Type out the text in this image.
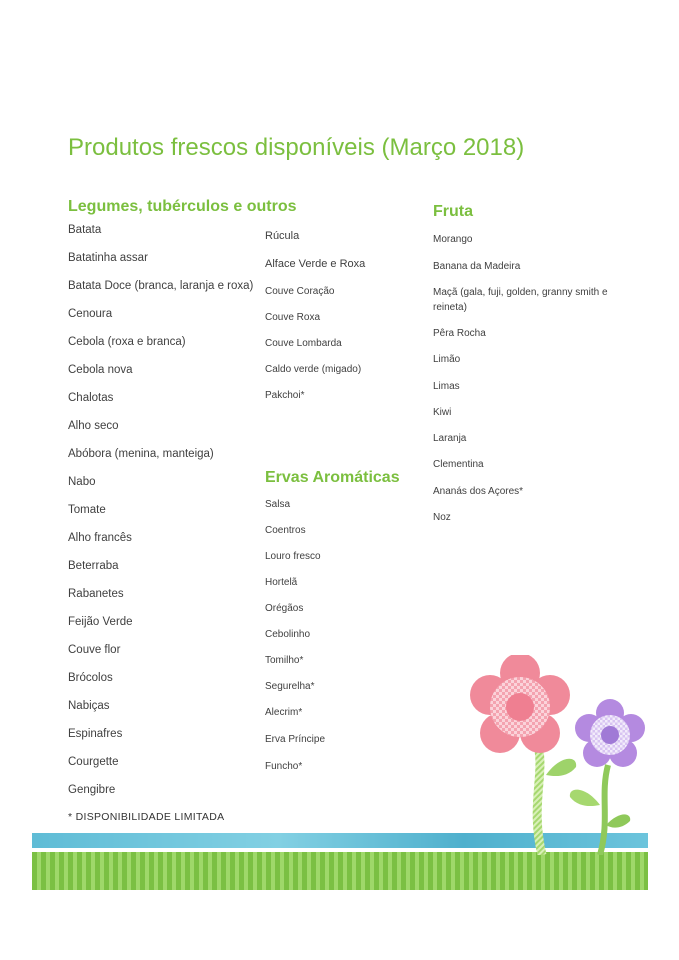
Produtos frescos disponíveis (Março 2018)
Legumes, tubérculos e outros
Batata
Batatinha assar
Batata Doce (branca, laranja e roxa)
Cenoura
Cebola (roxa e branca)
Cebola nova
Chalotas
Alho seco
Abóbora (menina, manteiga)
Nabo
Tomate
Alho francês
Beterraba
Rabanetes
Feijão Verde
Couve flor
Brócolos
Nabiças
Espinafres
Courgette
Gengibre
Rúcula
Alface Verde e Roxa
Couve Coração
Couve Roxa
Couve Lombarda
Caldo verde (migado)
Pakchoi*
Ervas Aromáticas
Salsa
Coentros
Louro fresco
Hortelã
Orégãos
Cebolinho
Tomilho*
Segurelha*
Alecrim*
Erva Príncipe
Funcho*
Fruta
Morango
Banana da Madeira
Maçã (gala, fuji, golden, granny smith e reineta)
Pêra Rocha
Limão
Limas
Kiwi
Laranja
Clementina
Ananás dos Açores*
Noz
* DISPONIBILIDADE LIMITADA
